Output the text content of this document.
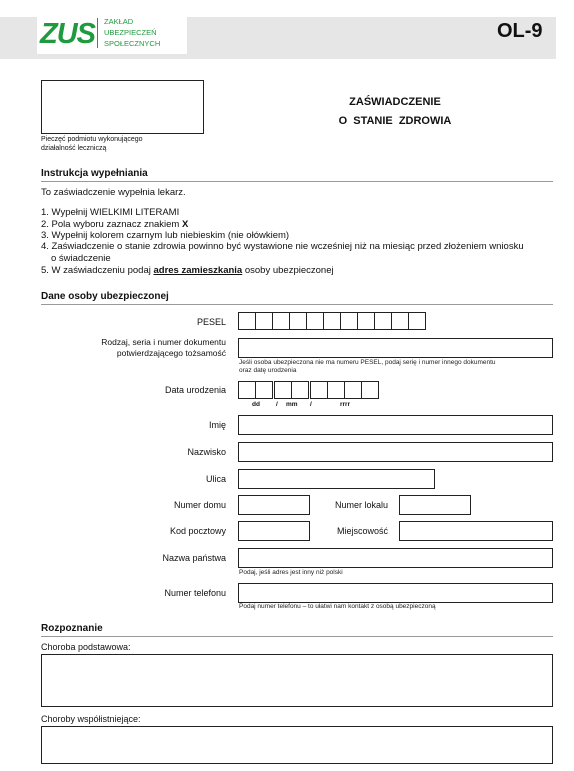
ZUS ZAKŁAD
UBEZPIECZEŃ
SPOŁECZNYCH
OL-9
Pieczęć podmiotu wykonującego
działalność leczniczą
ZAŚWIADCZENIE
O STANIE ZDROWIA
Instrukcja wypełniania
To zaświadczenie wypełnia lekarz.
1. Wypełnij WIELKIMI LITERAMI
2. Pola wyboru zaznacz znakiem X
3. Wypełnij kolorem czarnym lub niebieskim (nie ołówkiem)
4. Zaświadczenie o stanie zdrowia powinno być wystawione nie wcześniej niż na miesiąc przed złożeniem wniosku
o świadczenie
5. W zaświadczeniu podaj adres zamieszkania osoby ubezpieczonej
Dane osoby ubezpieczonej
PESEL
Rodzaj, seria i numer dokumentu
potwierdzającego tożsamość
Jeśli osoba ubezpieczona nie ma numeru PESEL, podaj serię i numer innego dokumentu
oraz datę urodzenia
Data urodzenia
dd / mm /	rrrr
Imię
Nazwisko
Ulica
Numer domu	Numer lokalu
Kod pocztowy	Miejscowość
Nazwa państwa
Podaj, jeśli adres jest inny niż polski
Numer telefonu
Podaj numer telefonu – to ułatwi nam kontakt z osobą ubezpieczoną
Rozpoznanie
Choroba podstawowa:
Choroby współistniejące:
